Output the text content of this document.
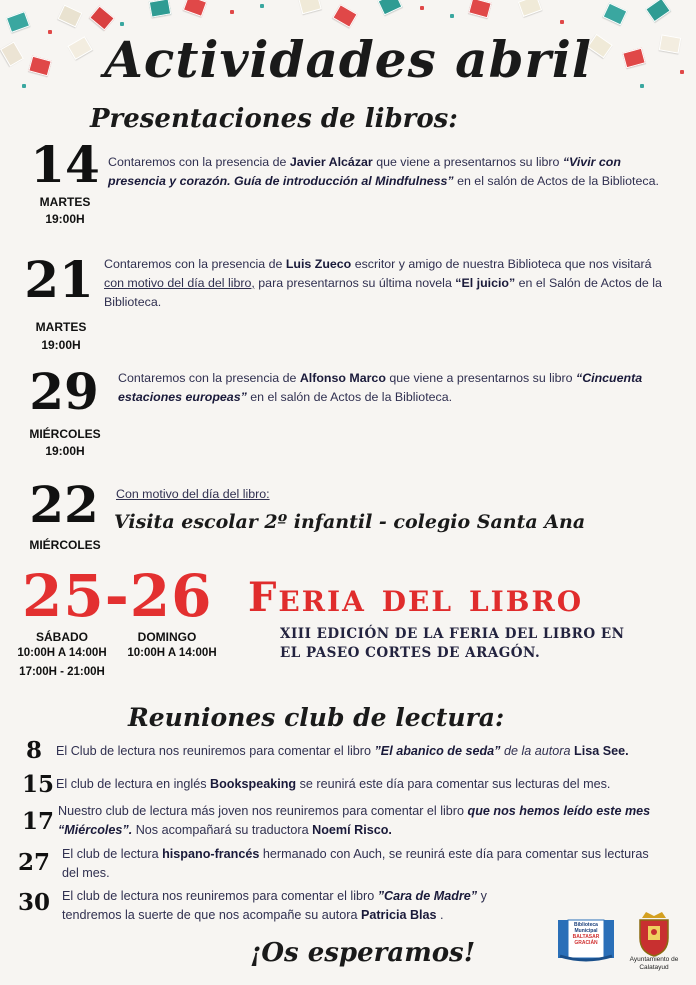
Actividades abril
Presentaciones de libros:
14
MARTES
19:00H
Contaremos con la presencia de Javier Alcázar que viene a presentarnos su libro “Vivir con presencia y corazón. Guía de introducción al Mindfulness” en el salón de Actos de la Biblioteca.
21
MARTES
19:00H
Contaremos con la presencia de Luis Zueco escritor y amigo de nuestra Biblioteca que nos visitará con motivo del día del libro, para presentarnos su última novela “El juicio” en el Salón de Actos de la Biblioteca.
29
MIÉRCOLES
19:00H
Contaremos con la presencia de Alfonso Marco que viene a presentarnos su libro “Cincuenta estaciones europeas” en el salón de Actos de la Biblioteca.
22
MIÉRCOLES
Con motivo del día del libro:
Visita escolar 2º infantil - colegio Santa Ana
25-26 Feria del libro
SÁBADO
10:00H A 14:00H
17:00H - 21:00H
DOMINGO
10:00H A 14:00H
XIII EDICIÓN DE LA FERIA DEL LIBRO EN
EL PASEO CORTES DE ARAGÓN.
Reuniones club de lectura:
8 El Club de lectura nos reuniremos para comentar el libro ”El abanico de seda” de la autora Lisa See.
15 El club de lectura en inglés Bookspeaking se reunirá este día para comentar sus lecturas del mes.
17 Nuestro club de lectura más joven nos reuniremos para comentar el libro que nos hemos leído este mes “Miércoles”. Nos acompañará su traductora Noemí Risco.
27 El club de lectura hispano-francés hermanado con Auch, se reunirá este día para comentar sus lecturas del mes.
30 El club de lectura nos reuniremos para comentar el libro ”Cara de Madre” y tendremos la suerte de que nos acompañe su autora Patricia Blas .
¡Os esperamos!
Biblioteca
Municipal
BALTASAR
GRACIÁN
Ayuntamiento de
Calatayud
